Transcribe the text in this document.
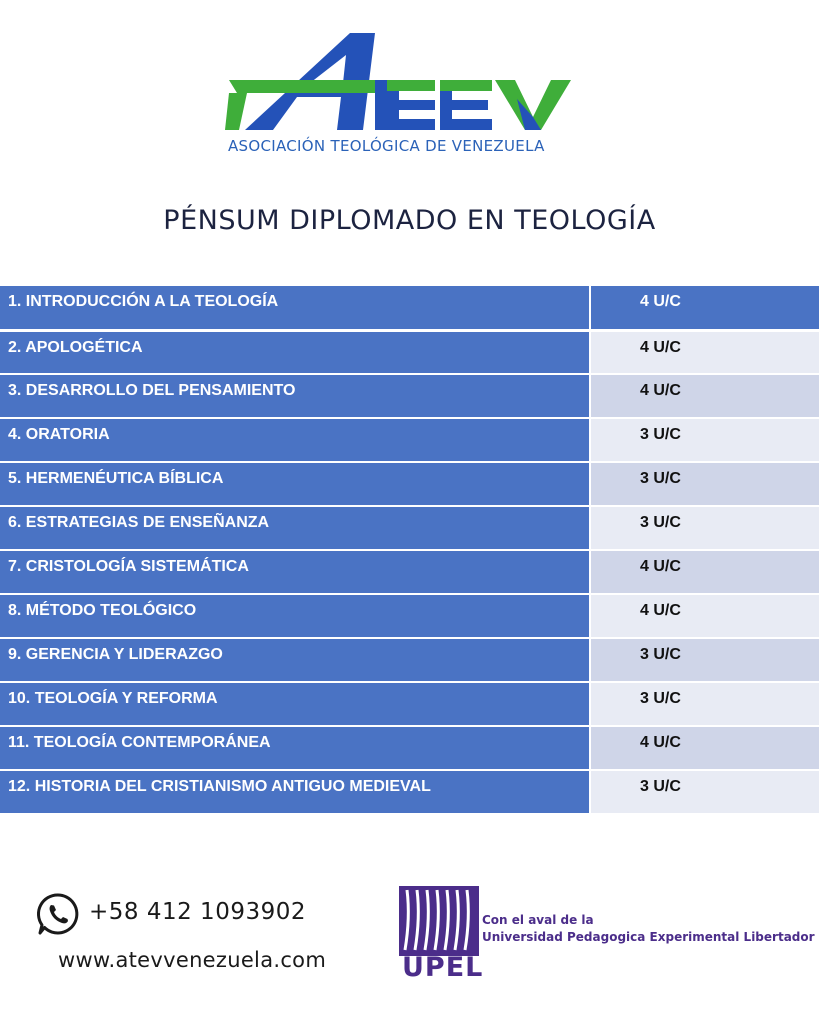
ASOCIACIÓN TEOLÓGICA DE VENEZUELA
PÉNSUM DIPLOMADO EN TEOLOGÍA
1. INTRODUCCIÓN A LA TEOLOGÍA	4 U/C
2. APOLOGÉTICA	4 U/C
3. DESARROLLO DEL PENSAMIENTO	4 U/C
4. ORATORIA	3 U/C
5. HERMENÉUTICA BÍBLICA	3 U/C
6. ESTRATEGIAS DE ENSEÑANZA	3 U/C
7. CRISTOLOGÍA SISTEMÁTICA	4 U/C
8. MÉTODO TEOLÓGICO	4 U/C
9. GERENCIA Y LIDERAZGO	3 U/C
10. TEOLOGÍA Y REFORMA	3 U/C
11. TEOLOGÍA CONTEMPORÁNEA	4 U/C
12. HISTORIA DEL CRISTIANISMO ANTIGUO MEDIEVAL	3 U/C
+58 412 1093902
www.atevvenezuela.com	UPEL
Con el aval de la
Universidad Pedagogica Experimental Libertador
